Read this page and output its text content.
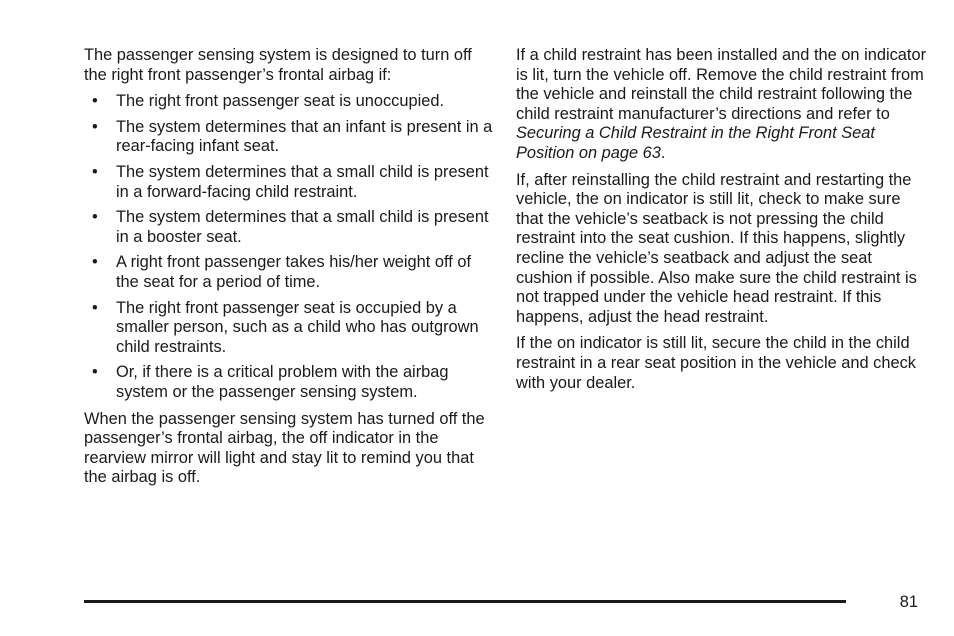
The passenger sensing system is designed to turn off the right front passenger’s frontal airbag if:

• The right front passenger seat is unoccupied.
• The system determines that an infant is present in a rear-facing infant seat.
• The system determines that a small child is present in a forward-facing child restraint.
• The system determines that a small child is present in a booster seat.
• A right front passenger takes his/her weight off of the seat for a period of time.
• The right front passenger seat is occupied by a smaller person, such as a child who has outgrown child restraints.
• Or, if there is a critical problem with the airbag system or the passenger sensing system.

When the passenger sensing system has turned off the passenger’s frontal airbag, the off indicator in the rearview mirror will light and stay lit to remind you that the airbag is off.

If a child restraint has been installed and the on indicator is lit, turn the vehicle off. Remove the child restraint from the vehicle and reinstall the child restraint following the child restraint manufacturer’s directions and refer to Securing a Child Restraint in the Right Front Seat Position on page 63.

If, after reinstalling the child restraint and restarting the vehicle, the on indicator is still lit, check to make sure that the vehicle’s seatback is not pressing the child restraint into the seat cushion. If this happens, slightly recline the vehicle’s seatback and adjust the seat cushion if possible. Also make sure the child restraint is not trapped under the vehicle head restraint. If this happens, adjust the head restraint.

If the on indicator is still lit, secure the child in the child restraint in a rear seat position in the vehicle and check with your dealer.

81
